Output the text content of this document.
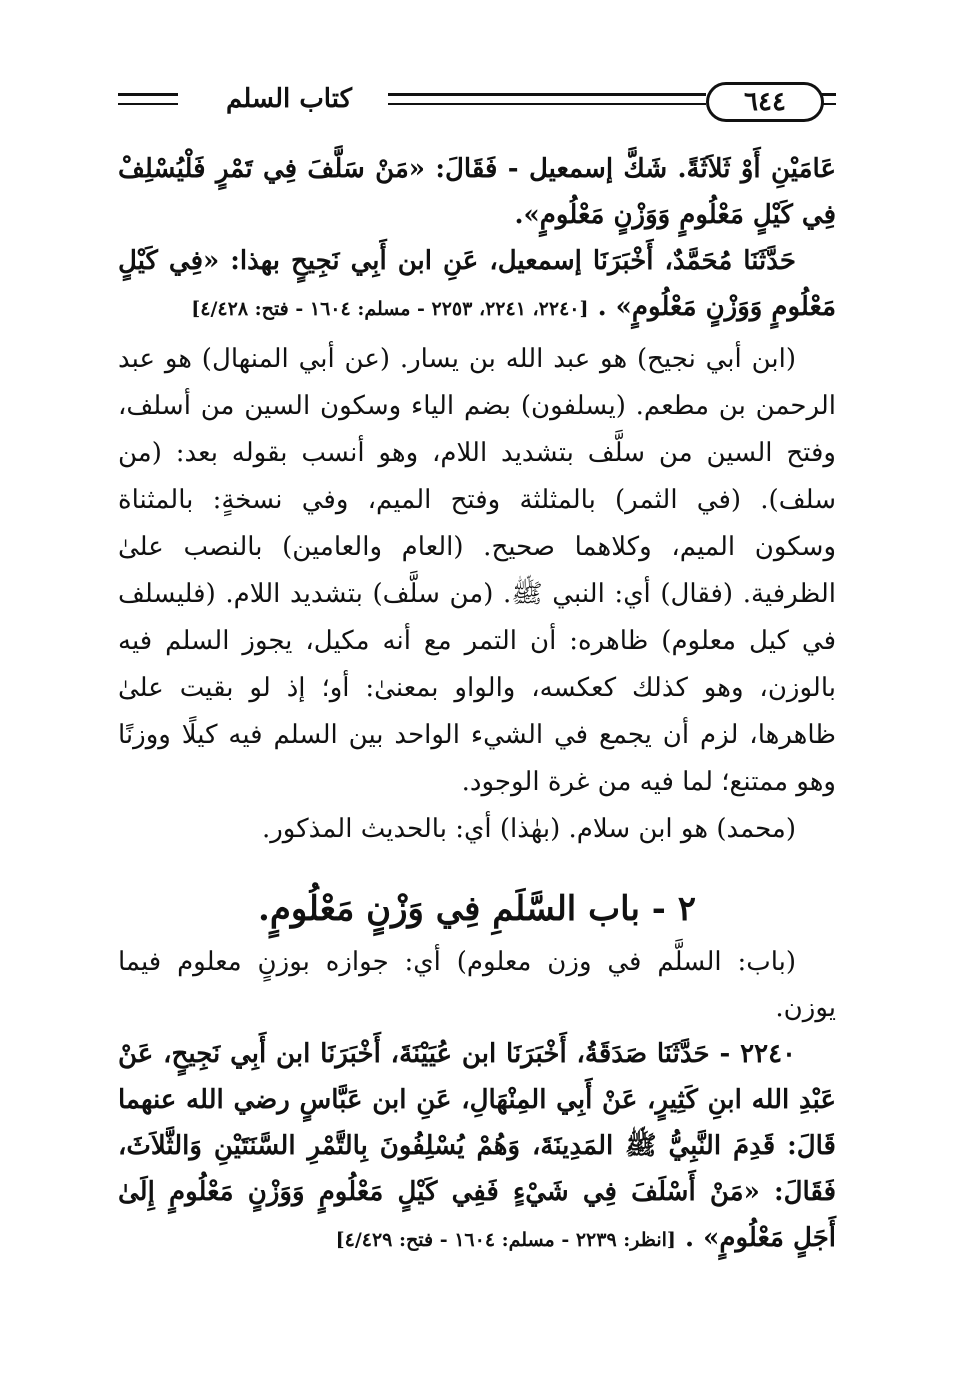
كتاب السلم	٦٤٤

عَامَيْنِ أَوْ ثَلاَثَةً. شَكَّ إسمعيل - فَقَالَ: «مَنْ سَلَّفَ فِي تَمْرٍ فَلْيُسْلِفْ فِي كَيْلٍ مَعْلُومٍ وَوَزْنٍ مَعْلُومٍ».

حَدَّثَنَا مُحَمَّدٌ، أَخْبَرَنَا إسمعيل، عَنِ ابن أَبِي نَجِيحٍ بهذا: «فِي كَيْلٍ مَعْلُومٍ وَوَزْنٍ مَعْلُومٍ» . [٢٢٤٠، ٢٢٤١، ٢٢٥٣ - مسلم: ١٦٠٤ - فتح: ٤/٤٢٨]

(ابن أبي نجيح) هو عبد الله بن يسار. (عن أبي المنهال) هو عبد الرحمن بن مطعم. (يسلفون) بضم الياء وسكون السين من أسلف، وفتح السين من سلَّف بتشديد اللام، وهو أنسب بقوله بعد: (من سلف). (في الثمر) بالمثلثة وفتح الميم، وفي نسخةٍ: بالمثناة وسكون الميم، وكلاهما صحيح. (العام والعامين) بالنصب علىٰ الظرفية. (فقال) أي: النبي ﷺ. (من سلَّف) بتشديد اللام. (فليسلف في كيل معلوم) ظاهره: أن التمر مع أنه مكيل، يجوز السلم فيه بالوزن، وهو كذلك كعكسه، والواو بمعنىٰ: أو؛ إذ لو بقيت علىٰ ظاهرها، لزم أن يجمع في الشيء الواحد بين السلم فيه كيلًا ووزنًا وهو ممتنع؛ لما فيه من غرة الوجود.

(محمد) هو ابن سلام. (بهٰذا) أي: بالحديث المذكور.

٢ - باب السَّلَمِ فِي وَزْنٍ مَعْلُومٍ.

(باب: السلَّم في وزن معلوم) أي: جوازه بوزنٍ معلوم فيما يوزن.

٢٢٤٠ - حَدَّثَنَا صَدَقَةُ، أَخْبَرَنَا ابن عُيَيْنَةَ، أَخْبَرَنَا ابن أَبِي نَجِيحٍ، عَنْ عَبْدِ الله ابنِ كَثِيرٍ، عَنْ أَبِي المِنْهَالِ، عَنِ ابن عَبَّاسٍ رضي الله عنهما قَالَ: قَدِمَ النَّبِيُّ ﷺ المَدِينَةَ، وَهُمْ يُسْلِفُونَ بِالتَّمْرِ السَّنَتَيْنِ وَالثَّلاَثَ، فَقَالَ: «مَنْ أَسْلَفَ فِي شَيْءٍ فَفِي كَيْلٍ مَعْلُومٍ وَوَزْنٍ مَعْلُومٍ إِلَىٰ أَجَلٍ مَعْلُومٍ» . [انظر: ٢٢٣٩ - مسلم: ١٦٠٤ - فتح: ٤/٤٢٩]
